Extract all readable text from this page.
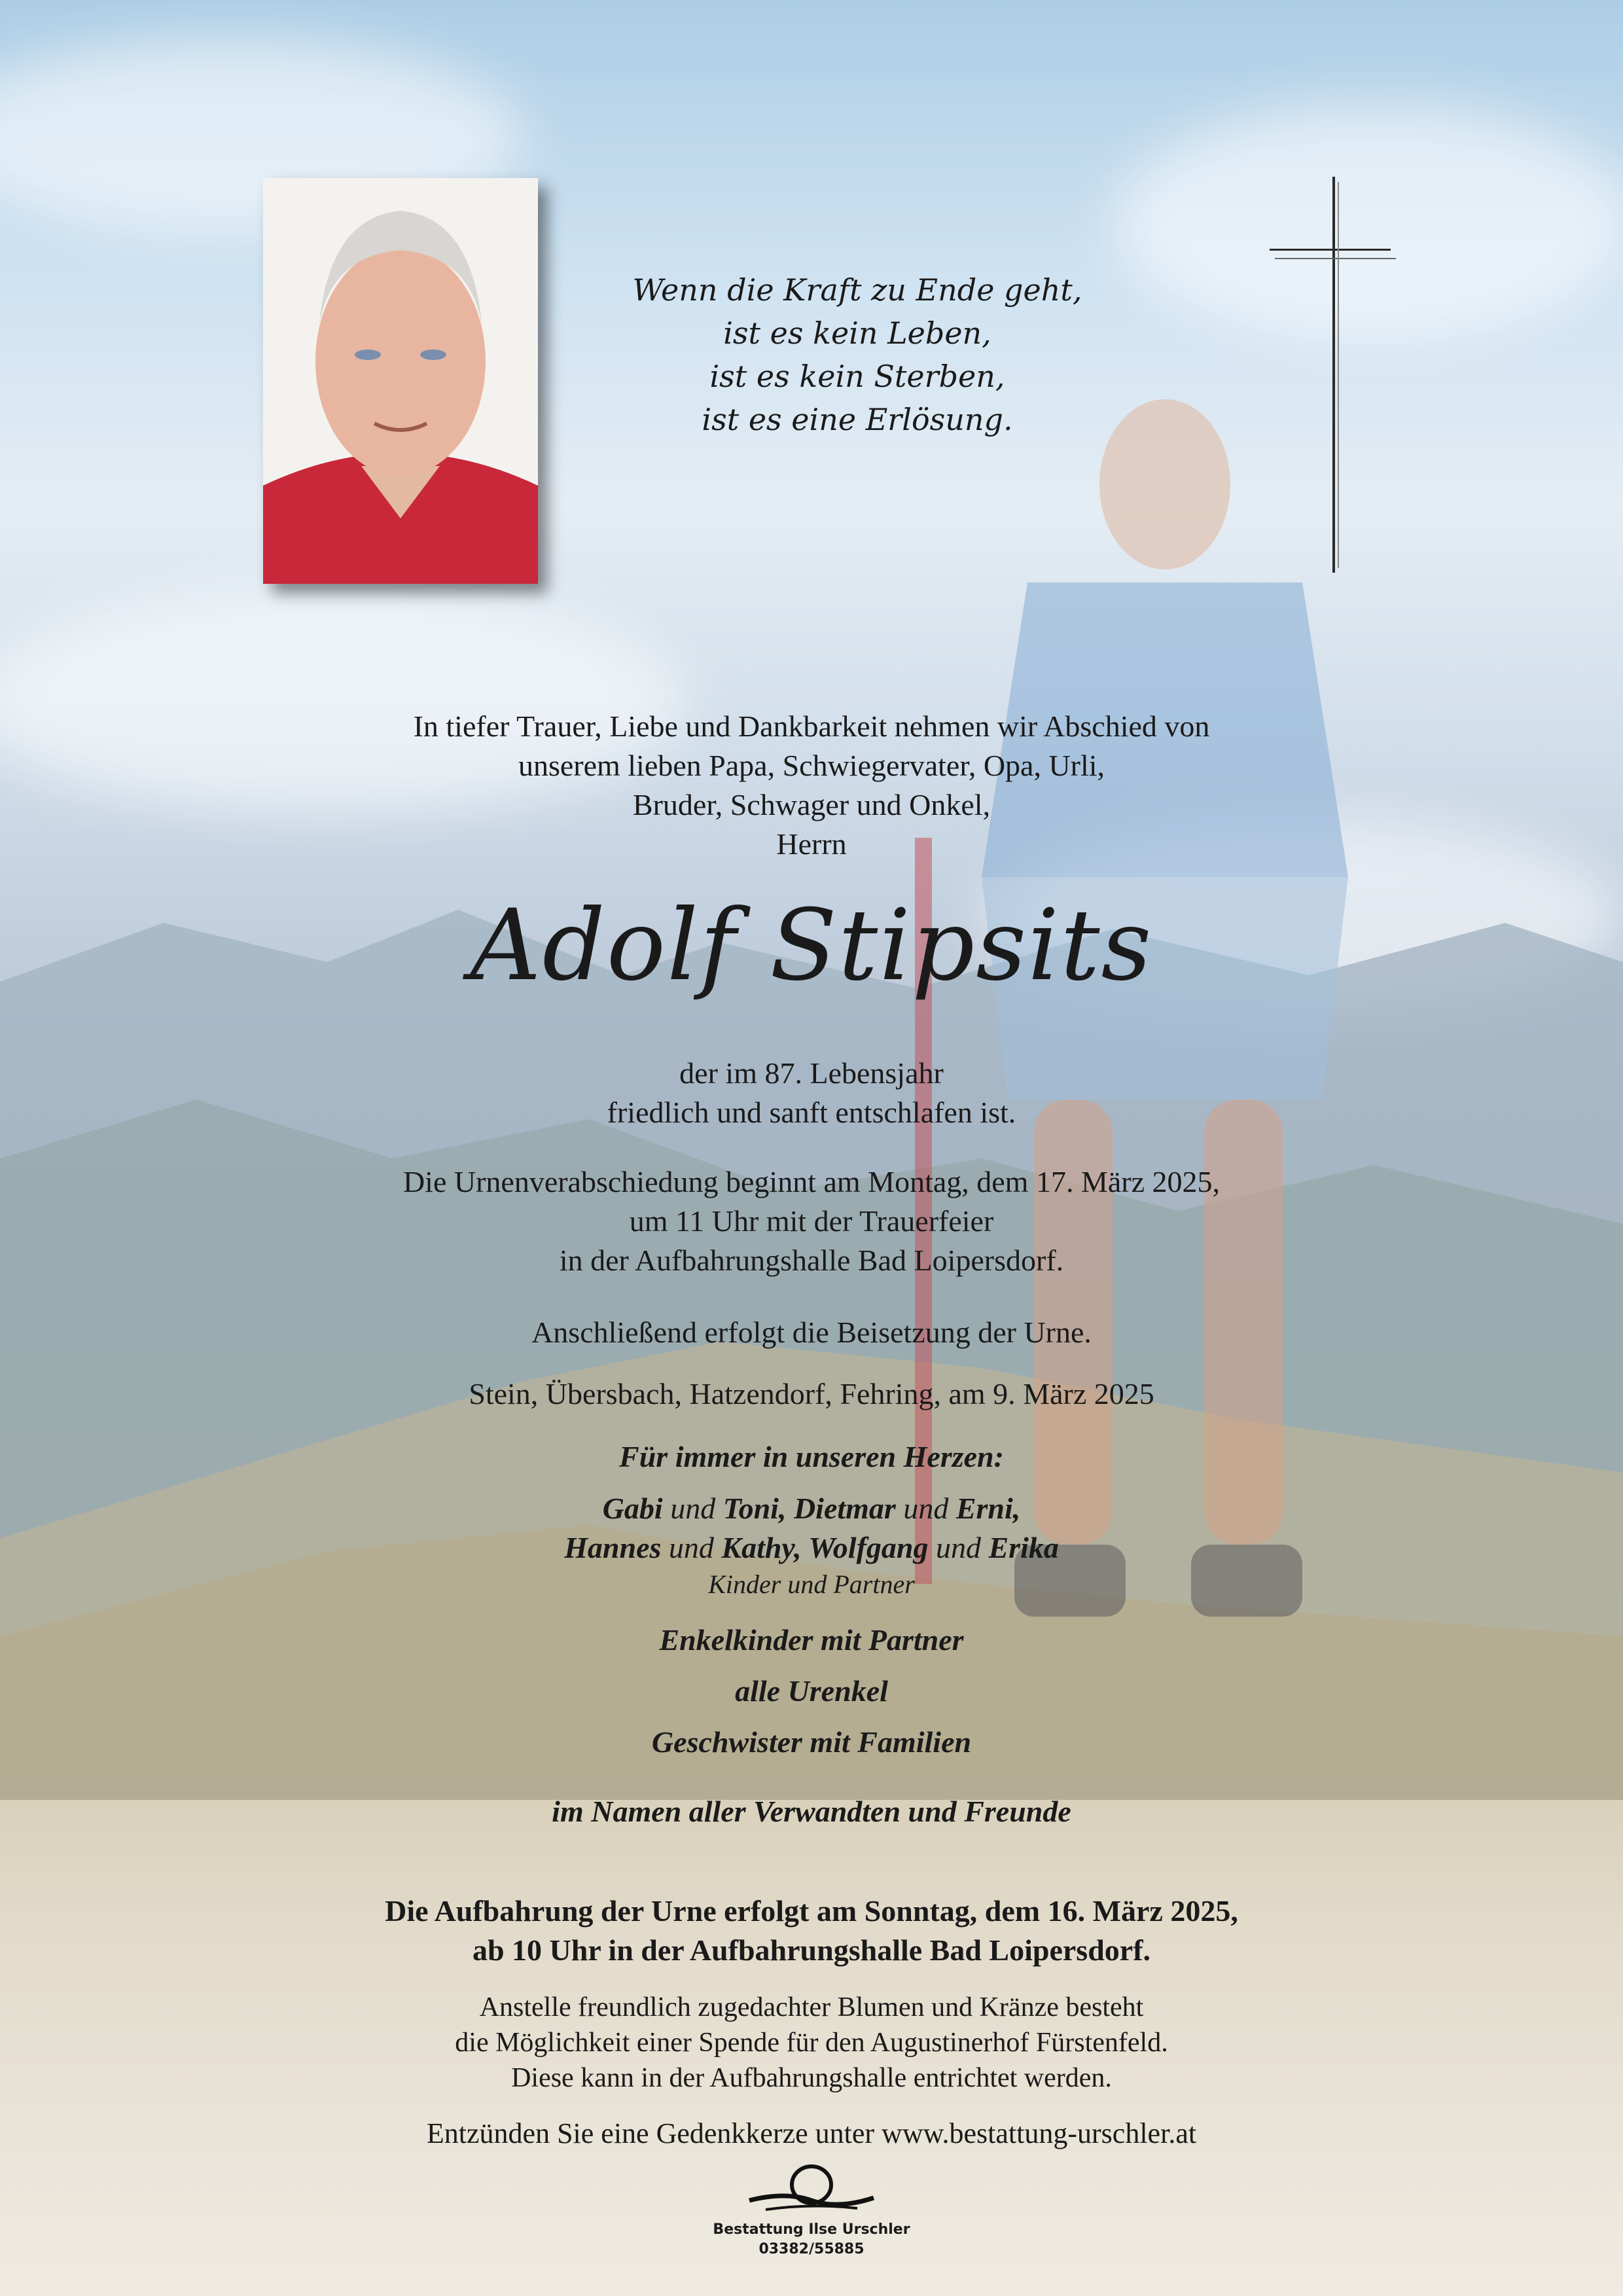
Wenn die Kraft zu Ende geht,
ist es kein Leben,
ist es kein Sterben,
ist es eine Erlösung.
In tiefer Trauer, Liebe und Dankbarkeit nehmen wir Abschied von
unserem lieben Papa, Schwiegervater, Opa, Urli,
Bruder, Schwager und Onkel,
Herrn
Adolf Stipsits
der im 87. Lebensjahr
friedlich und sanft entschlafen ist.
Die Urnenverabschiedung beginnt am Montag, dem 17. März 2025,
um 11 Uhr mit der Trauerfeier
in der Aufbahrungshalle Bad Loipersdorf.
Anschließend erfolgt die Beisetzung der Urne.
Stein, Übersbach, Hatzendorf, Fehring, am 9. März 2025
Für immer in unseren Herzen:
Gabi und Toni, Dietmar und Erni,
Hannes und Kathy, Wolfgang und Erika
Kinder und Partner
Enkelkinder mit Partner
alle Urenkel
Geschwister mit Familien
im Namen aller Verwandten und Freunde
Die Aufbahrung der Urne erfolgt am Sonntag, dem 16. März 2025,
ab 10 Uhr in der Aufbahrungshalle Bad Loipersdorf.
Anstelle freundlich zugedachter Blumen und Kränze besteht
die Möglichkeit einer Spende für den Augustinerhof Fürstenfeld.
Diese kann in der Aufbahrungshalle entrichtet werden.
Entzünden Sie eine Gedenkkerze unter www.bestattung-urschler.at
Bestattung Ilse Urschler
03382/55885
